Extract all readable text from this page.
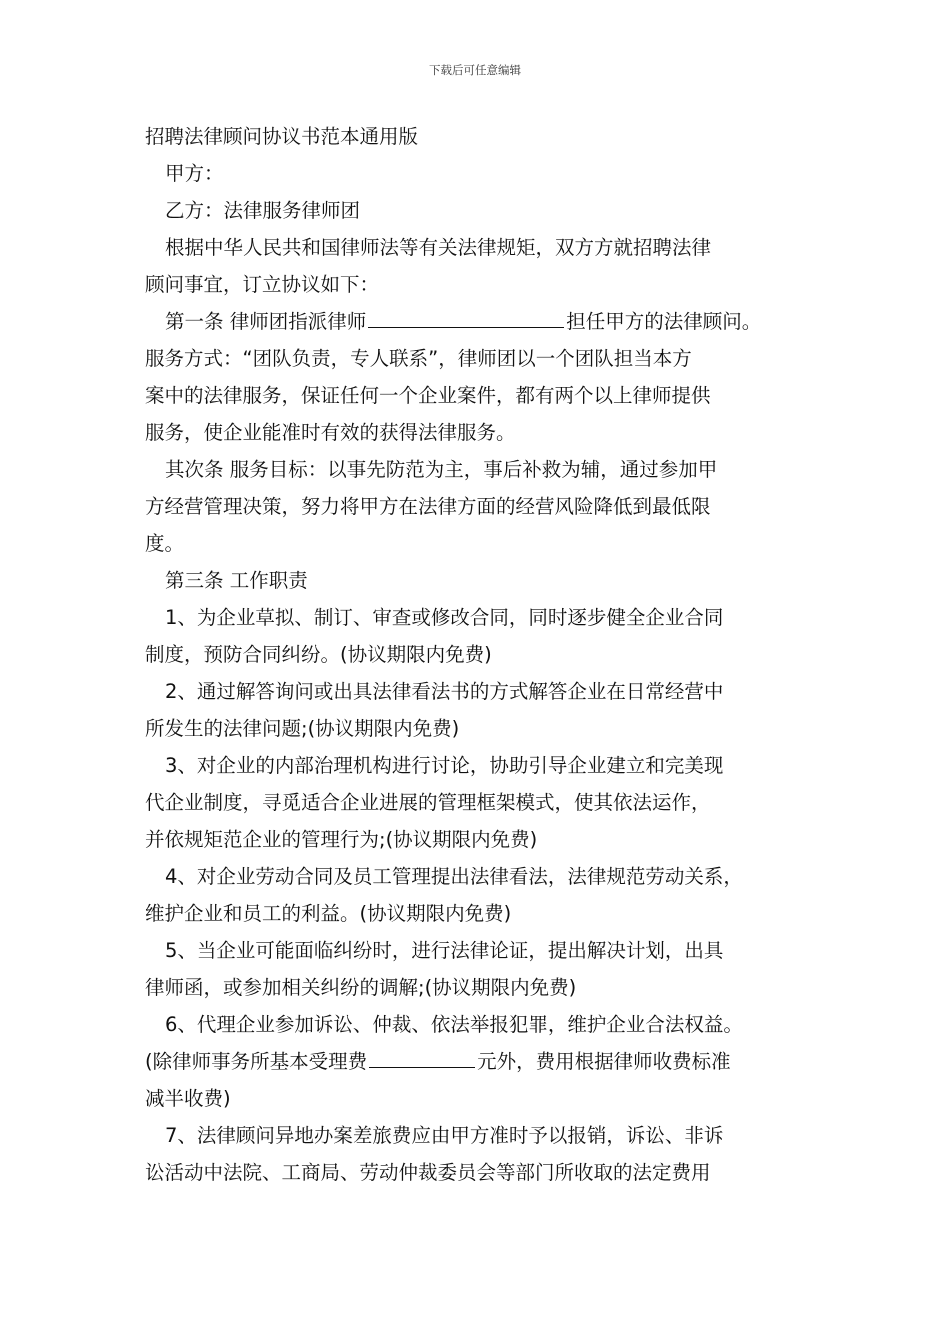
下载后可任意编辑
招聘法律顾问协议书范本通用版

甲方：

乙方：法律服务律师团

根据中华人民共和国律师法等有关法律规矩，双方方就招聘法律
顾问事宜，订立协议如下：

第一条 律师团指派律师	担任甲方的法律顾问。
服务方式：“团队负责，专人联系”，律师团以一个团队担当本方
案中的法律服务，保证任何一个企业案件，都有两个以上律师提供
服务，使企业能准时有效的获得法律服务。

其次条 服务目标：以事先防范为主，事后补救为辅，通过参加甲
方经营管理决策，努力将甲方在法律方面的经营风险降低到最低限
度。

第三条 工作职责

1、为企业草拟、制订、审查或修改合同，同时逐步健全企业合同
制度，预防合同纠纷。(协议期限内免费)

2、通过解答询问或出具法律看法书的方式解答企业在日常经营中
所发生的法律问题;(协议期限内免费)

3、对企业的内部治理机构进行讨论，协助引导企业建立和完美现
代企业制度，寻觅适合企业进展的管理框架模式，使其依法运作，
并依规矩范企业的管理行为;(协议期限内免费)

4、对企业劳动合同及员工管理提出法律看法，法律规范劳动关系，
维护企业和员工的利益。(协议期限内免费)

5、当企业可能面临纠纷时，进行法律论证，提出解决计划，出具
律师函，或参加相关纠纷的调解;(协议期限内免费)

6、代理企业参加诉讼、仲裁、依法举报犯罪，维护企业合法权益。
(除律师事务所基本受理费	元外，费用根据律师收费标准
减半收费)

7、法律顾问异地办案差旅费应由甲方准时予以报销，诉讼、非诉
讼活动中法院、工商局、劳动仲裁委员会等部门所收取的法定费用
